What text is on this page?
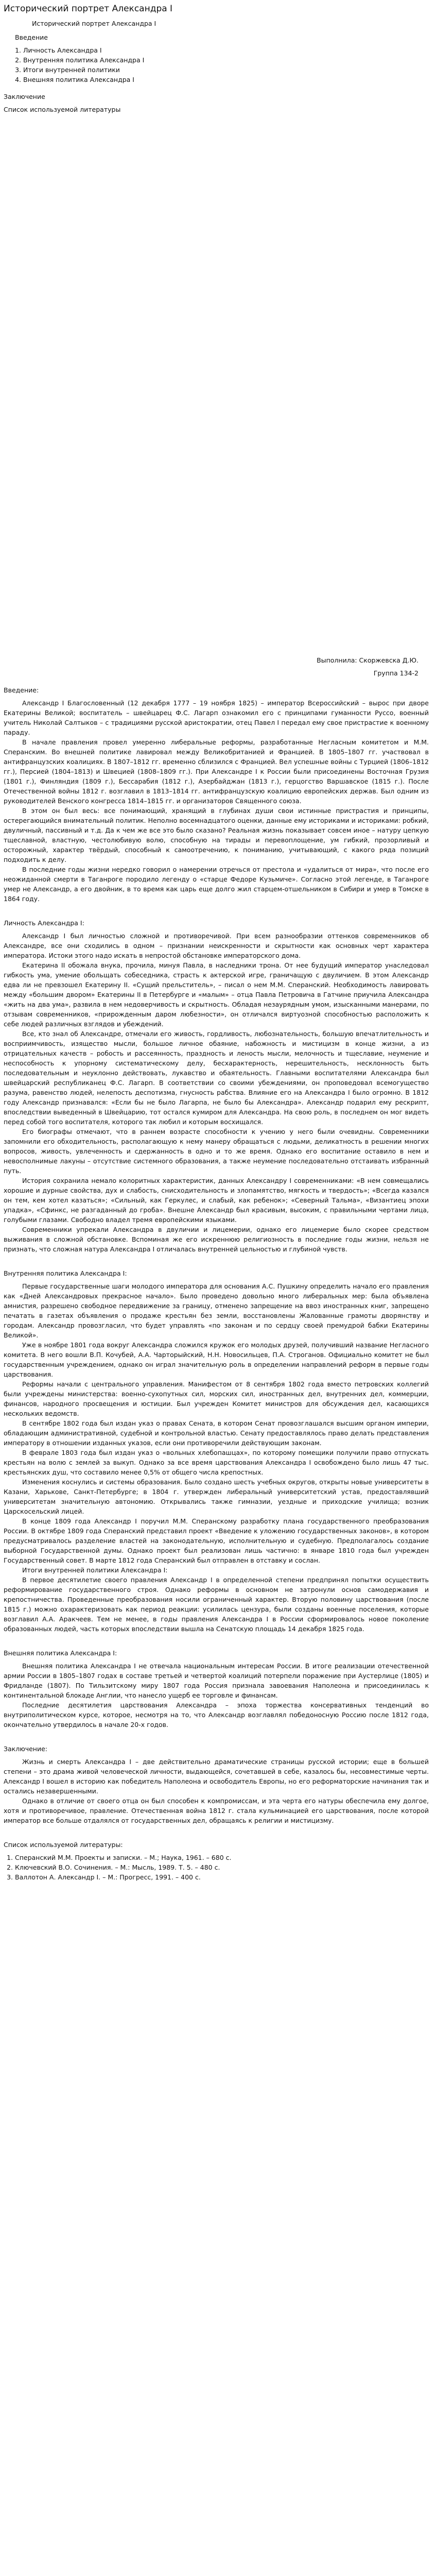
Исторический портрет Александра I
Исторический портрет Александра I
Введение
1. Личность Александра I
2. Внутренняя политика Александра I
3. Итоги внутренней политики
4. Внешняя политика Александра I
Заключение
Список используемой литературы

Выполнила: Скоржевска Д.Ю.

Группа 134-2

Введение:

Александр I Благословенный (12 декабря 1777 – 19 ноября 1825) – император Всероссийский – вырос при дворе Екатерины Великой; воспитатель – швейцарец Ф.С. Лагарп ознакомил его с принципами гуманности Руссо, военный учитель Николай Салтыков – с традициями русской аристократии, отец Павел I передал ему свое пристрастие к военному параду.

В начале правления провел умеренно либеральные реформы, разработанные Негласным комитетом и М.М. Сперанским. Во внешней политике лавировал между Великобританией и Францией. В 1805–1807 гг. участвовал в антифранцузских коалициях. В 1807–1812 гг. временно сблизился с Францией. Вел успешные войны с Турцией (1806–1812 гг.), Персией (1804–1813) и Швецией (1808–1809 гг.). При Александре I к России были присоединены Восточная Грузия (1801 г.), Финляндия (1809 г.), Бессарабия (1812 г.), Азербайджан (1813 г.), герцогство Варшавское (1815 г.). После Отечественной войны 1812 г. возглавил в 1813–1814 гг. антифранцузскую коалицию европейских держав. Был одним из руководителей Венского конгресса 1814–1815 гг. и организаторов Священного союза.

В этом он был весь: все понимающий, хранящий в глубинах души свои истинные пристрастия и принципы, остерегающийся внимательный политик. Неполно восемнадцатого оценки, данные ему историками и историками: робкий, двуличный, пассивный и т.д. Да к чем же все это было сказано? Реальная жизнь показывает совсем иное – натуру цепкую тщеславной, властную, честолюбивую волю, способную на тирады и перевоплощение, ум гибкий, прозорливый и осторожный, характер твёрдый, способный к самоотречению, к пониманию, учитывающий, с какого ряда позиций подходить к делу.

В последние годы жизни нередко говорил о намерении отречься от престола и «удалиться от мира», что после его неожиданной смерти в Таганроге породило легенду о «старце Федоре Кузьмиче». Согласно этой легенде, в Таганроге умер не Александр, а его двойник, в то время как царь еще долго жил старцем-отшельником в Сибири и умер в Томске в 1864 году.

Личность Александра I:

Александр I был личностью сложной и противоречивой. При всем разнообразии оттенков современников об Александре, все они сходились в одном – признании неискренности и скрытности как основных черт характера императора. Истоки этого надо искать в непростой обстановке императорского дома.

Екатерина II обожала внука, прочила, минуя Павла, в наследники трона. От нее будущий император унаследовал гибкость ума, умение обольщать собеседника, страсть к актерской игре, граничащую с двуличием. В этом Александр едва ли не превзошел Екатерину II. «Сущий прельститель», – писал о нем М.М. Сперанский. Необходимость лавировать между «большим двором» Екатерины II в Петербурге и «малым» – отца Павла Петровича в Гатчине приучила Александра «жить на два ума», развила в нем недоверчивость и скрытность. Обладая незаурядным умом, изысканными манерами, по отзывам современников, «прирожденным даром любезности», он отличался виртуозной способностью расположить к себе людей различных взглядов и убеждений.

Все, кто знал об Александре, отмечали его живость, гордливость, любознательность, большую впечатлительность и восприимчивость, изящество мысли, большое личное обаяние, набожность и мистицизм в конце жизни, а из отрицательных качеств – робость и рассеянность, праздность и леность мысли, мелочность и тщеславие, неумение и неспособность к упорному систематическому делу, бесхарактерность, нерешительность, несклонность быть последовательным и неуклонно действовать, лукавство и обаятельность. Главными воспитателями Александра был швейцарский республиканец Ф.С. Лагарп. В соответствии со своими убеждениями, он проповедовал всемогущество разума, равенство людей, нелепость деспотизма, гнусность рабства. Влияние его на Александра I было огромно. В 1812 году Александр признавался: «Если бы не было Лагарпа, не было бы Александра». Александр подарил ему рескрипт, впоследствии выведенный в Швейцарию, тот остался кумиром для Александра. На свою роль, в последнем он мог видеть перед собой того воспитателя, которого так любил и которым восхищался.

Его биографы отмечают, что в раннем возрасте способности к учению у него были очевидны. Современники запомнили его обходительность, располагающую к нему манеру обращаться с людьми, деликатность в решении многих вопросов, живость, увлеченность и сдержанность в одно и то же время. Однако его воспитание оставило в нем и невосполнимые лакуны – отсутствие системного образования, а также неумение последовательно отстаивать избранный путь.

История сохранила немало колоритных характеристик, данных Александру I современниками: «В нем совмещались хорошие и дурные свойства, дух и слабость, снисходительность и злопамятство, мягкость и твердость»; «Всегда казался он тем, кем хотел казаться»; «Сильный, как Геркулес, и слабый, как ребенок»; «Северный Тальма», «Византиец эпохи упадка», «Сфинкс, не разгаданный до гроба». Внешне Александр был красивым, высоким, с правильными чертами лица, голубыми глазами. Свободно владел тремя европейскими языками.

Современники упрекали Александра в двуличии и лицемерии, однако его лицемерие было скорее средством выживания в сложной обстановке. Вспоминая же его искреннюю религиозность в последние годы жизни, нельзя не признать, что сложная натура Александра I отличалась внутренней цельностью и глубиной чувств.

Внутренняя политика Александра I:

Первые государственные шаги молодого императора для основания А.С. Пушкину определить начало его правления как «Дней Александровых прекрасное начало». Было проведено довольно много либеральных мер: была объявлена амнистия, разрешено свободное передвижение за границу, отменено запрещение на ввоз иностранных книг, запрещено печатать в газетах объявления о продаже крестьян без земли, восстановлены Жалованные грамоты дворянству и городам. Александр провозгласил, что будет управлять «по законам и по сердцу своей премудрой бабки Екатерины Великой».

Уже в ноябре 1801 года вокруг Александра сложился кружок его молодых друзей, получивший название Негласного комитета. В него вошли В.П. Кочубей, А.А. Чарторыйский, Н.Н. Новосильцев, П.А. Строганов. Официально комитет не был государственным учреждением, однако он играл значительную роль в определении направлений реформ в первые годы царствования.

Реформы начали с центрального управления. Манифестом от 8 сентября 1802 года вместо петровских коллегий были учреждены министерства: военно-сухопутных сил, морских сил, иностранных дел, внутренних дел, коммерции, финансов, народного просвещения и юстиции. Был учрежден Комитет министров для обсуждения дел, касающихся нескольких ведомств.

В сентябре 1802 года был издан указ о правах Сената, в котором Сенат провозглашался высшим органом империи, обладающим административной, судебной и контрольной властью. Сенату предоставлялось право делать представления императору в отношении изданных указов, если они противоречили действующим законам.

В феврале 1803 года был издан указ о «вольных хлебопашцах», по которому помещики получили право отпускать крестьян на волю с землей за выкуп. Однако за все время царствования Александра I освобождено было лишь 47 тыс. крестьянских душ, что составило менее 0,5% от общего числа крепостных.

Изменения коснулись и системы образования. Было создано шесть учебных округов, открыты новые университеты в Казани, Харькове, Санкт-Петербурге; в 1804 г. утвержден либеральный университетский устав, предоставлявший университетам значительную автономию. Открывались также гимназии, уездные и приходские училища; возник Царскосельский лицей.

В конце 1809 года Александр I поручил М.М. Сперанскому разработку плана государственного преобразования России. В октябре 1809 года Сперанский представил проект «Введение к уложению государственных законов», в котором предусматривалось разделение властей на законодательную, исполнительную и судебную. Предполагалось создание выборной Государственной думы. Однако проект был реализован лишь частично: в январе 1810 года был учрежден Государственный совет. В марте 1812 года Сперанский был отправлен в отставку и сослан.

Итоги внутренней политики Александра I:

В первое десятилетие своего правления Александр I в определенной степени предпринял попытки осуществить реформирование государственного строя. Однако реформы в основном не затронули основ самодержавия и крепостничества. Проведенные преобразования носили ограниченный характер. Вторую половину царствования (после 1815 г.) можно охарактеризовать как период реакции: усилилась цензура, были созданы военные поселения, которые возглавил А.А. Аракчеев. Тем не менее, в годы правления Александра I в России сформировалось новое поколение образованных людей, часть которых впоследствии вышла на Сенатскую площадь 14 декабря 1825 года.

Внешняя политика Александра I:

Внешняя политика Александра I не отвечала национальным интересам России. В итоге реализации отечественной армии России в 1805–1807 годах в составе третьей и четвертой коалиций потерпели поражение при Аустерлице (1805) и Фридланде (1807). По Тильзитскому миру 1807 года Россия признала завоевания Наполеона и присоединилась к континентальной блокаде Англии, что нанесло ущерб ее торговле и финансам.

Последние десятилетия царствования Александра – эпоха торжества консервативных тенденций во внутриполитическом курсе, которое, несмотря на то, что Александр возглавлял победоносную Россию после 1812 года, окончательно утвердилось в начале 20-х годов.

Заключение:

Жизнь и смерть Александра I – две действительно драматические страницы русской истории; еще в большей степени – это драма живой человеческой личности, выдающейся, сочетавшей в себе, казалось бы, несовместимые черты. Александр I вошел в историю как победитель Наполеона и освободитель Европы, но его реформаторские начинания так и остались незавершенными.

Однако в отличие от своего отца он был способен к компромиссам, и эта черта его натуры обеспечила ему долгое, хотя и противоречивое, правление. Отечественная война 1812 г. стала кульминацией его царствования, после которой император все больше отдалялся от государственных дел, обращаясь к религии и мистицизму.

Список используемой литературы:
1. Сперанский М.М. Проекты и записки. – М.; Наука, 1961. – 680 с.
2. Ключевский В.О. Сочинения. – М.: Мысль, 1989. Т. 5. – 480 с.
3. Валлотон А. Александр I. – М.: Прогресс, 1991. – 400 с.
